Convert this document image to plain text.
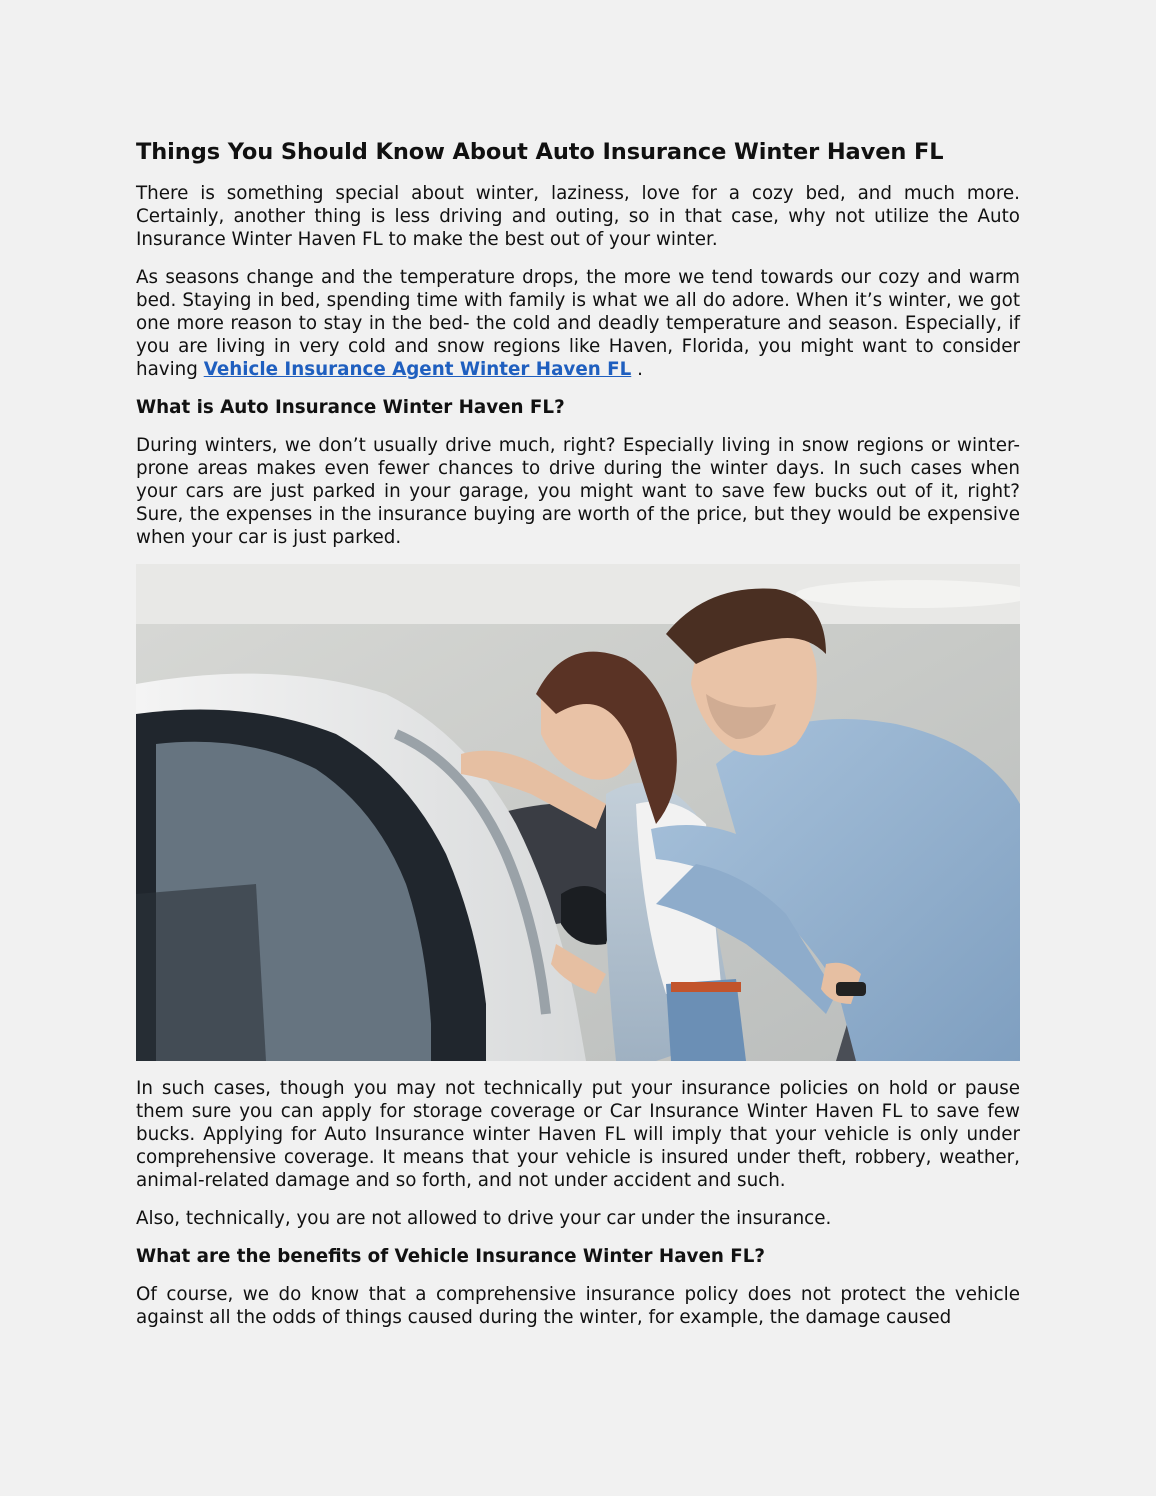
Things You Should Know About Auto Insurance Winter Haven FL

There is something special about winter, laziness, love for a cozy bed, and much more. Certainly, another thing is less driving and outing, so in that case, why not utilize the Auto Insurance Winter Haven FL to make the best out of your winter.

As seasons change and the temperature drops, the more we tend towards our cozy and warm bed. Staying in bed, spending time with family is what we all do adore. When it’s winter, we got one more reason to stay in the bed- the cold and deadly temperature and season. Especially, if you are living in very cold and snow regions like Haven, Florida, you might want to consider having Vehicle Insurance Agent Winter Haven FL .

What is Auto Insurance Winter Haven FL?

During winters, we don’t usually drive much, right? Especially living in snow regions or winter-prone areas makes even fewer chances to drive during the winter days. In such cases when your cars are just parked in your garage, you might want to save few bucks out of it, right? Sure, the expenses in the insurance buying are worth of the price, but they would be expensive when your car is just parked.

In such cases, though you may not technically put your insurance policies on hold or pause them sure you can apply for storage coverage or Car Insurance Winter Haven FL to save few bucks. Applying for Auto Insurance winter Haven FL will imply that your vehicle is only under comprehensive coverage. It means that your vehicle is insured under theft, robbery, weather, animal-related damage and so forth, and not under accident and such.

Also, technically, you are not allowed to drive your car under the insurance.

What are the benefits of Vehicle Insurance Winter Haven FL?

Of course, we do know that a comprehensive insurance policy does not protect the vehicle against all the odds of things caused during the winter, for example, the damage caused
